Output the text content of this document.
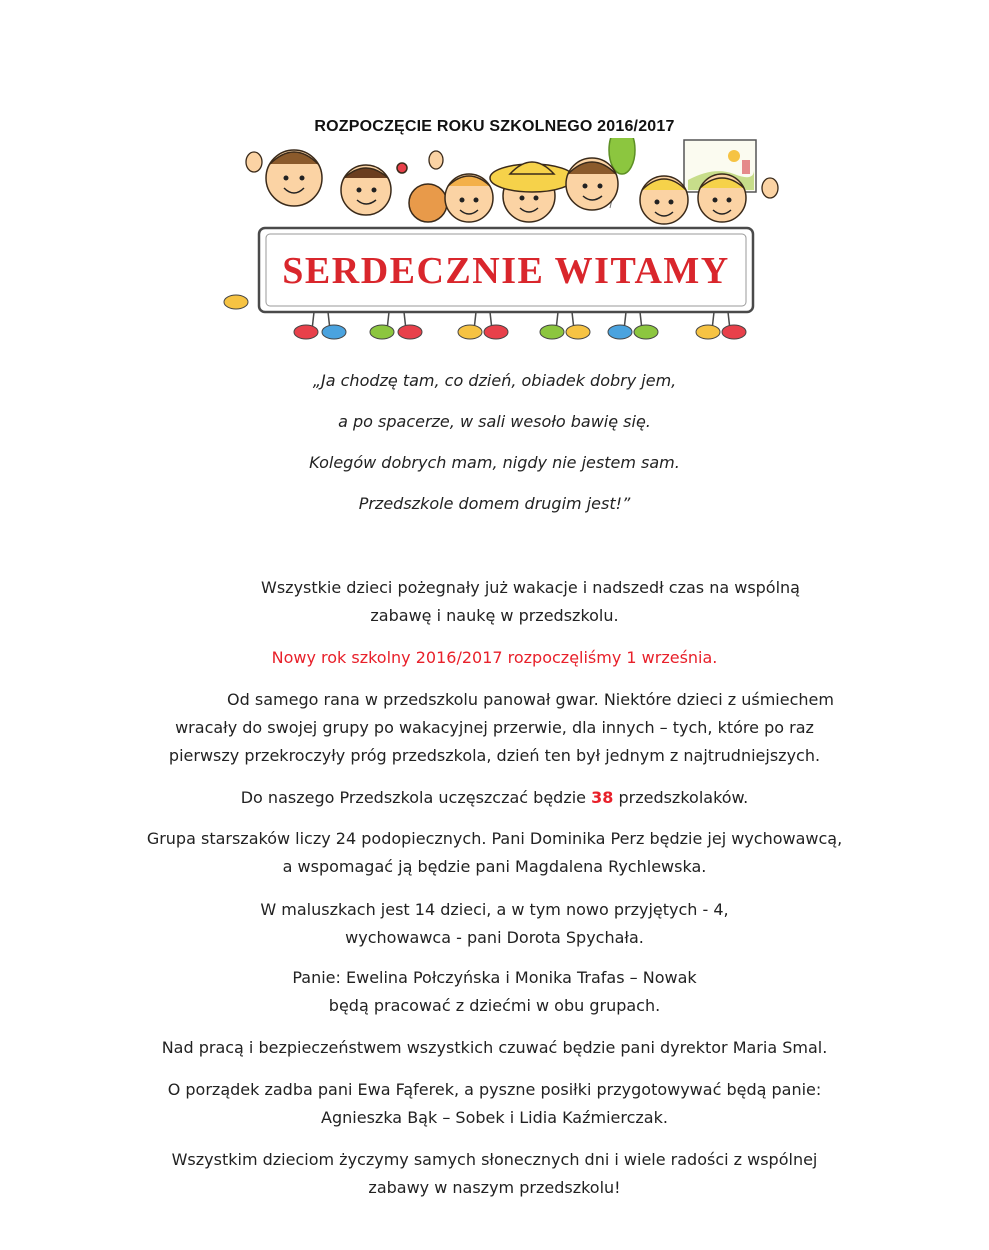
ROZPOCZĘCIE ROKU SZKOLNEGO 2016/2017
SERDECZNIE WITAMY
„Ja chodzę tam, co dzień, obiadek dobry jem,
a po spacerze, w sali wesoło bawię się.
Kolegów dobrych mam, nigdy nie jestem sam.
Przedszkole domem drugim jest!”
Wszystkie dzieci pożegnały już wakacje i nadszedł czas na wspólną
zabawę i naukę w przedszkolu.
Nowy rok szkolny 2016/2017 rozpoczęliśmy 1 września.
Od samego rana w przedszkolu panował gwar. Niektóre dzieci z uśmiechem
wracały do swojej grupy po wakacyjnej przerwie, dla innych – tych, które po raz
pierwszy przekroczyły próg przedszkola, dzień ten był jednym z najtrudniejszych.
Do naszego Przedszkola uczęszczać będzie 38 przedszkolaków.
Grupa starszaków liczy 24 podopiecznych. Pani Dominika Perz będzie jej wychowawcą,
a wspomagać ją będzie pani Magdalena Rychlewska.
W maluszkach jest 14 dzieci, a w tym nowo przyjętych - 4,
wychowawca - pani Dorota Spychała.
Panie: Ewelina Połczyńska i Monika Trafas – Nowak
będą pracować z dziećmi w obu grupach.
Nad pracą i bezpieczeństwem wszystkich czuwać będzie pani dyrektor Maria Smal.
O porządek zadba pani Ewa Fąferek, a pyszne posiłki przygotowywać będą panie:
Agnieszka Bąk – Sobek i Lidia Kaźmierczak.
Wszystkim dzieciom życzymy samych słonecznych dni i wiele radości z wspólnej
zabawy w naszym przedszkolu!
